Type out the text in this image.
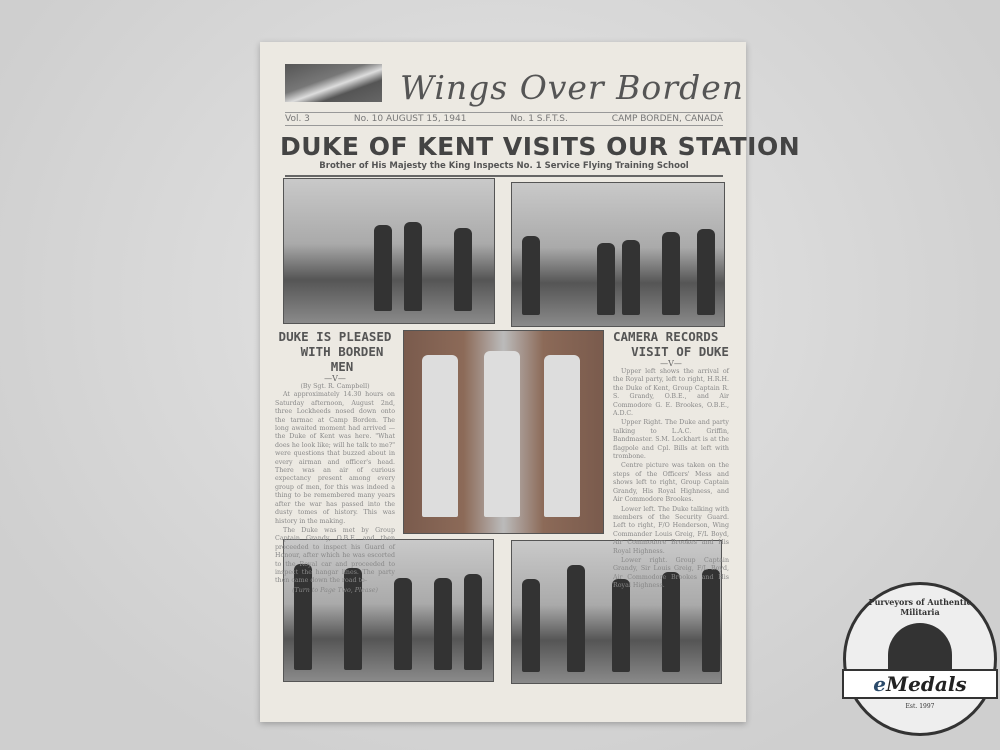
Wings Over Borden
Vol. 3	No. 10 AUGUST 15, 1941	No. 1 S.F.T.S.	CAMP BORDEN, CANADA
DUKE OF KENT VISITS OUR STATION
Brother of His Majesty the King Inspects No. 1 Service Flying Training School
DUKE IS PLEASED
WITH BORDEN MEN
—V—
(By Sgt. R. Campbell)

At approximately 14.30 hours on Saturday afternoon, August 2nd, three Lockheeds nosed down onto the tarmac at Camp Borden. The long awaited moment had arrived —the Duke of Kent was here. "What does he look like; will he talk to me?" were questions that buzzed about in every airman and officer's head. There was an air of curious expectancy present among every group of men, for this was indeed a thing to be remembered many years after the war has passed into the dusty tomes of history. This was history in the making.

The Duke was met by Group Captain Grandy, O.B.E. and then proceeded to inspect his Guard of Honour, after which he was escorted to the Royal car and proceeded to inspect the hangar lines. The party then came down the road to-

(Turn to Page Two, Please)
CAMERA RECORDS
VISIT OF DUKE
—V—

Upper left shows the arrival of the Royal party, left to right, H.R.H. the Duke of Kent, Group Captain R. S. Grandy, O.B.E., and Air Commodore G. E. Brookes, O.B.E., A.D.C.

Upper Right. The Duke and party talking to L.A.C. Griffin, Bandmaster. S.M. Lockhart is at the flagpole and Cpl. Bills at left with trombone.

Centre picture was taken on the steps of the Officers' Mess and shows left to right, Group Captain Grandy, His Royal Highness, and Air Commodore Brookes.

Lower left. The Duke talking with members of the Security Guard. Left to right, F/O Henderson, Wing Commander Louis Greig, F/L Boyd, Air Commodore Brookes and His Royal Highness.

Lower right. Group Captain Grandy, Sir Louis Greig, F/L Boyd, Air Commodore Brookes and His Royal Highness.

Purveyors of Authentic Militaria
eMedals
Est. 1997
